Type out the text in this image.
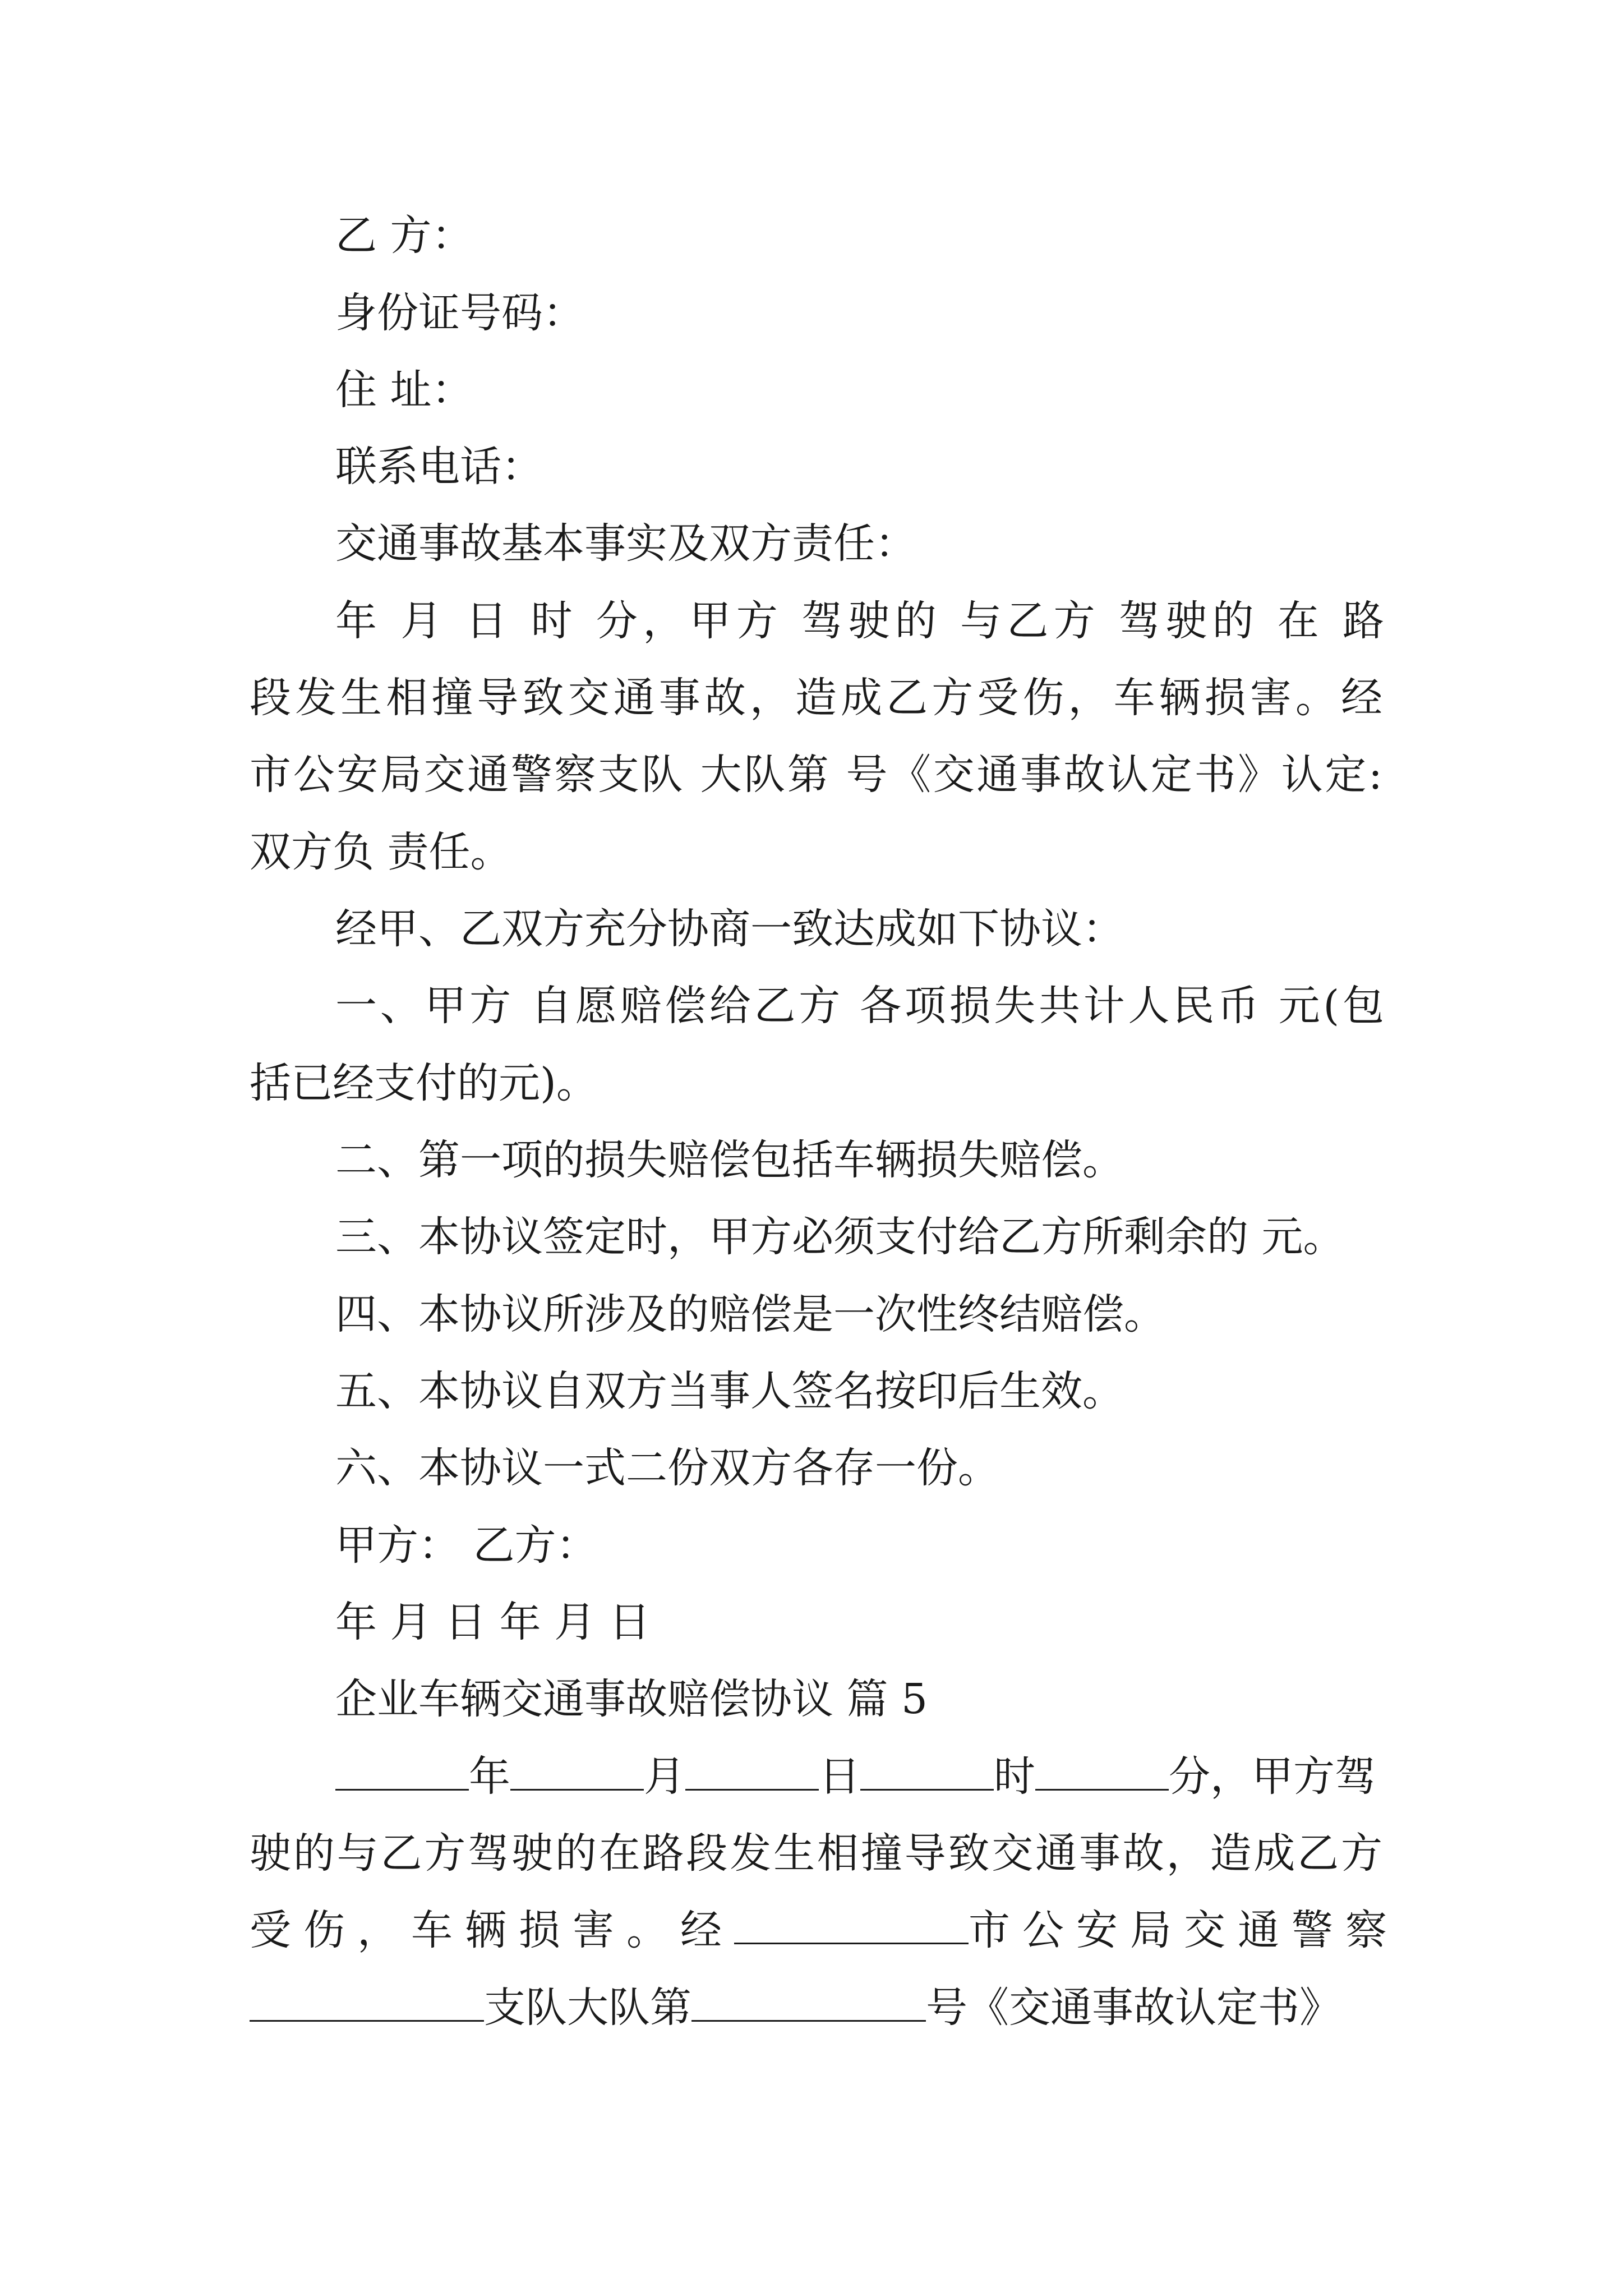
乙 方：
身份证号码：
住 址：
联系电话：
交通事故基本事实及双方责任：
年 月 日 时 分，甲方 驾驶的 与乙方 驾驶的 在 路
段发生相撞导致交通事故，造成乙方受伤，车辆损害。经
市公安局交通警察支队 大队第 号《交通事故认定书》认定:
双方负 责任。
经甲、乙双方充分协商一致达成如下协议：
一、甲方 自愿赔偿给乙方 各项损失共计人民币 元(包
括已经支付的元)。
二、第一项的损失赔偿包括车辆损失赔偿。
三、本协议签定时，甲方必须支付给乙方所剩余的 元。
四、本协议所涉及的赔偿是一次性终结赔偿。
五、本协议自双方当事人签名按印后生效。
六、本协议一式二份双方各存一份。
甲方： 乙方：
年 月 日 年 月 日
企业车辆交通事故赔偿协议 篇 5
年	月	日	时	分，甲方驾
驶的与乙方驾驶的在路段发生相撞导致交通事故，造成乙方
受伤，车辆损害。经	市公安局交通警察
支队大队第	号《交通事故认定书》
